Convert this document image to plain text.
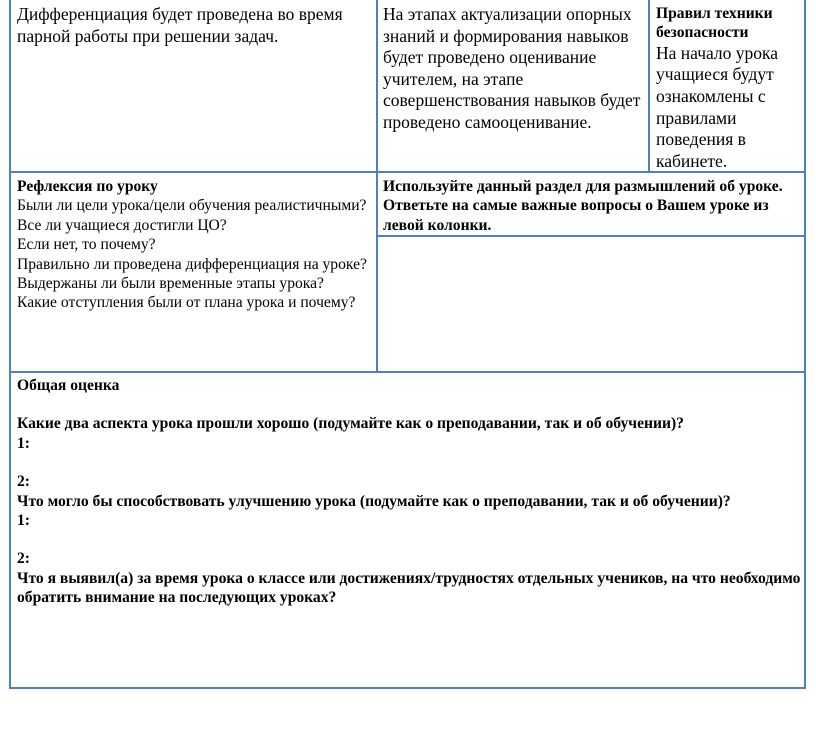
Дифференциация будет проведена во время парной работы при решении задач.

На этапах актуализации опорных знаний и формирования навыков будет проведено оценивание учителем, на этапе совершенствования навыков будет проведено самооценивание.

Правил техники безопасности

На начало урока учащиеся будут ознакомлены с правилами поведения в кабинете.

Рефлексия по уроку

Были ли цели урока/цели обучения реалистичными?

Все ли учащиеся достигли ЦО?

Если нет, то почему?

Правильно ли проведена дифференциация на уроке?

Выдержаны ли были временные этапы урока?

Какие отступления были от плана урока и почему?

Используйте данный раздел для размышлений об уроке. Ответьте на самые важные вопросы о Вашем уроке из левой колонки.

Общая оценка

Какие два аспекта урока прошли хорошо (подумайте как о преподавании, так и об обучении)?

1:

2:

Что могло бы способствовать улучшению урока (подумайте как о преподавании, так и об обучении)?

1:

2:

Что я выявил(а) за время урока о классе или достижениях/трудностях отдельных учеников, на что необходимо обратить внимание на последующих уроках?
